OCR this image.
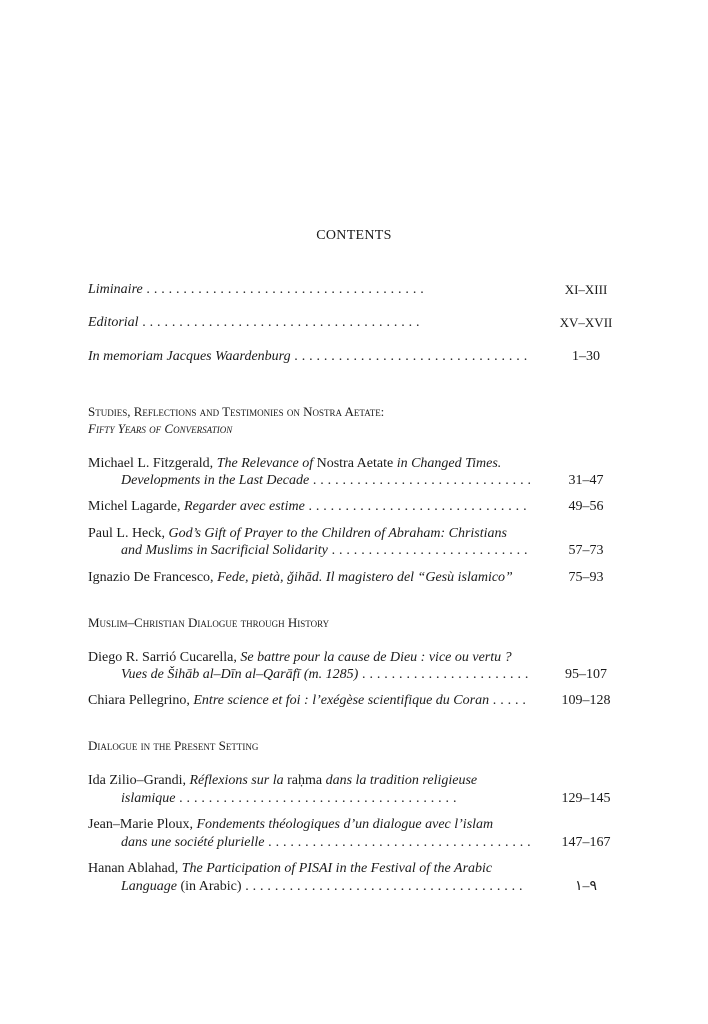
CONTENTS
Liminaire . .	XI–XIII
Editorial . .	XV–XVII
In memoriam Jacques Waardenburg . .	1–30
Studies, Reflections and Testimonies on Nostra Aetate:
Fifty Years of Conversation
Michael L. Fitzgerald, The Relevance of Nostra Aetate in Changed Times.
Developments in the Last Decade . .	31–47
Michel Lagarde, Regarder avec estime . .	49–56
Paul L. Heck, God’s Gift of Prayer to the Children of Abraham: Christians
and Muslims in Sacrificial Solidarity . .	57–73
Ignazio De Francesco, Fede, pietà, ǧihād. Il magistero del “Gesù islamico”	75–93
Muslim–Christian Dialogue through History
Diego R. Sarrió Cucarella, Se battre pour la cause de Dieu : vice ou vertu ?
Vues de Šihāb al–Dīn al–Qarāfī (m. 1285) . .	95–107
Chiara Pellegrino, Entre science et foi : l’exégèse scientifique du Coran . .	109–128
Dialogue in the Present Setting
Ida Zilio–Grandi, Réflexions sur la raḥma dans la tradition religieuse
islamique . .	129–145
Jean–Marie Ploux, Fondements théologiques d’un dialogue avec l’islam
dans une société plurielle . .	147–167
Hanan Ablahad, The Participation of PISAI in the Festival of the Arabic
Language (in Arabic) . .	٩–١
